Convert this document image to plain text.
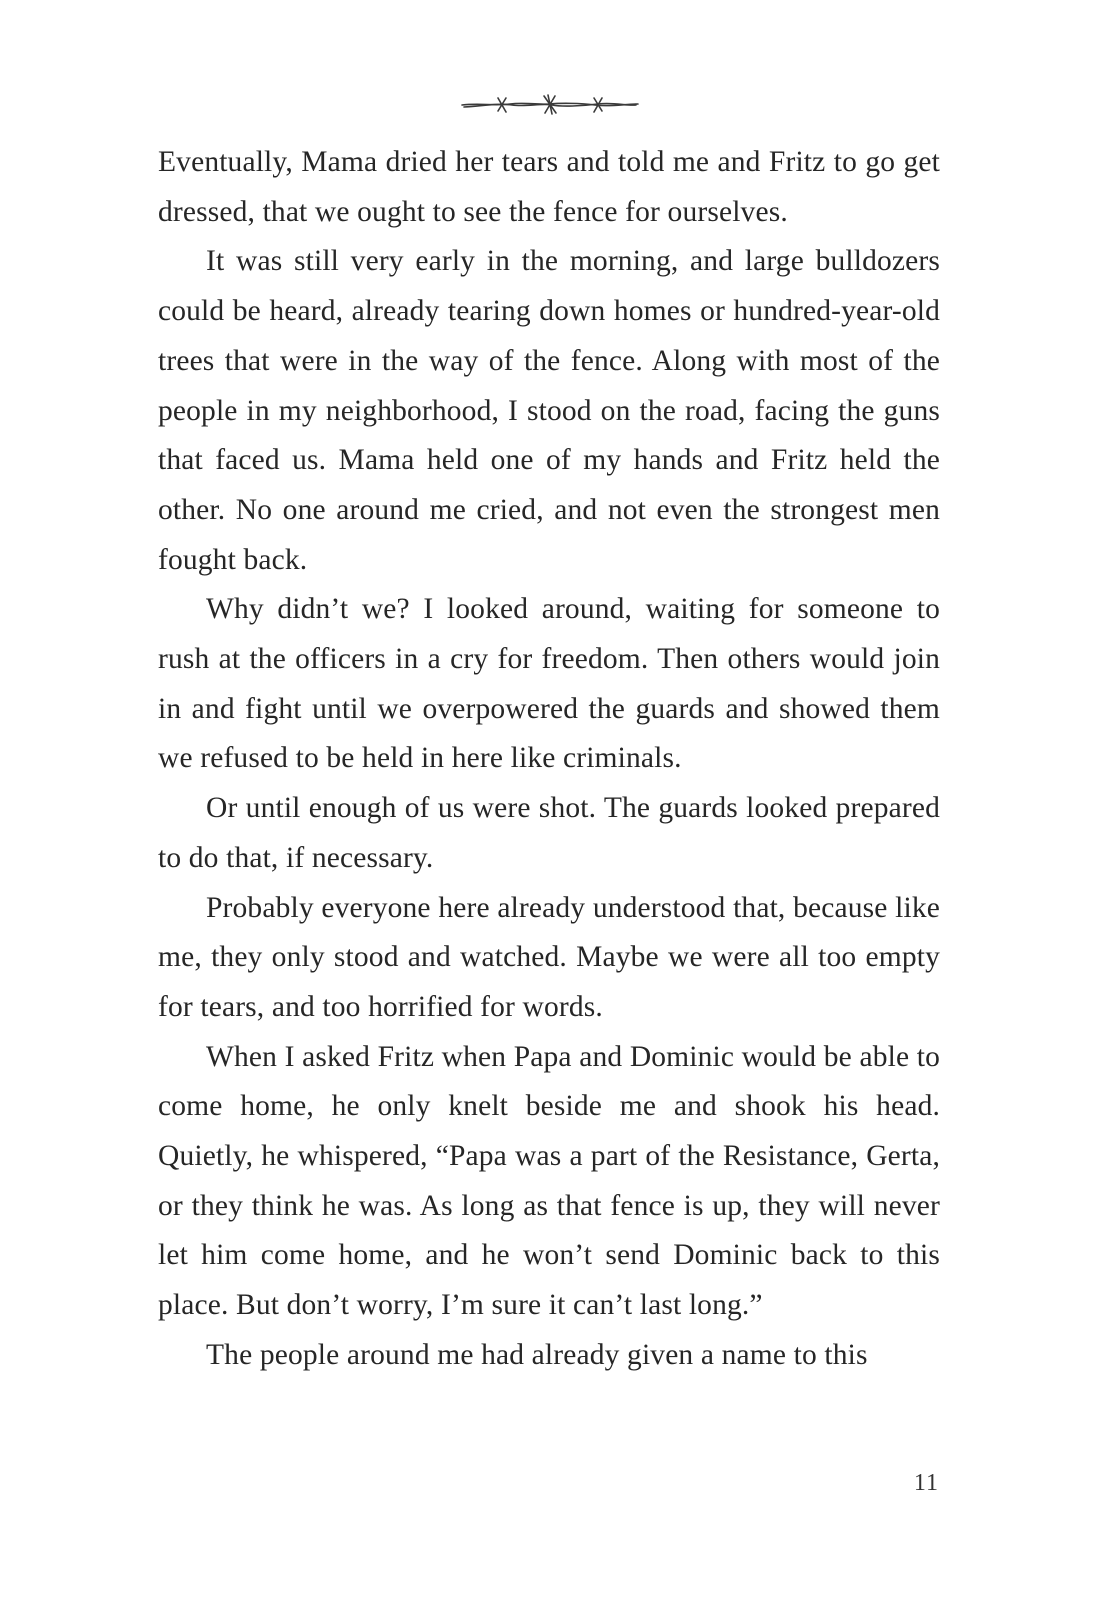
Eventually, Mama dried her tears and told me and Fritz to go get dressed, that we ought to see the fence for ourselves.

It was still very early in the morning, and large bulldozers could be heard, already tearing down homes or hundred-year-old trees that were in the way of the fence. Along with most of the people in my neighborhood, I stood on the road, facing the guns that faced us. Mama held one of my hands and Fritz held the other. No one around me cried, and not even the strongest men fought back.

Why didn’t we? I looked around, waiting for someone to rush at the officers in a cry for freedom. Then others would join in and fight until we overpowered the guards and showed them we refused to be held in here like criminals.

Or until enough of us were shot. The guards looked prepared to do that, if necessary.

Probably everyone here already understood that, because like me, they only stood and watched. Maybe we were all too empty for tears, and too horrified for words.

When I asked Fritz when Papa and Dominic would be able to come home, he only knelt beside me and shook his head. Quietly, he whispered, “Papa was a part of the Resistance, Gerta, or they think he was. As long as that fence is up, they will never let him come home, and he won’t send Dominic back to this place. But don’t worry, I’m sure it can’t last long.”

The people around me had already given a name to this

11
